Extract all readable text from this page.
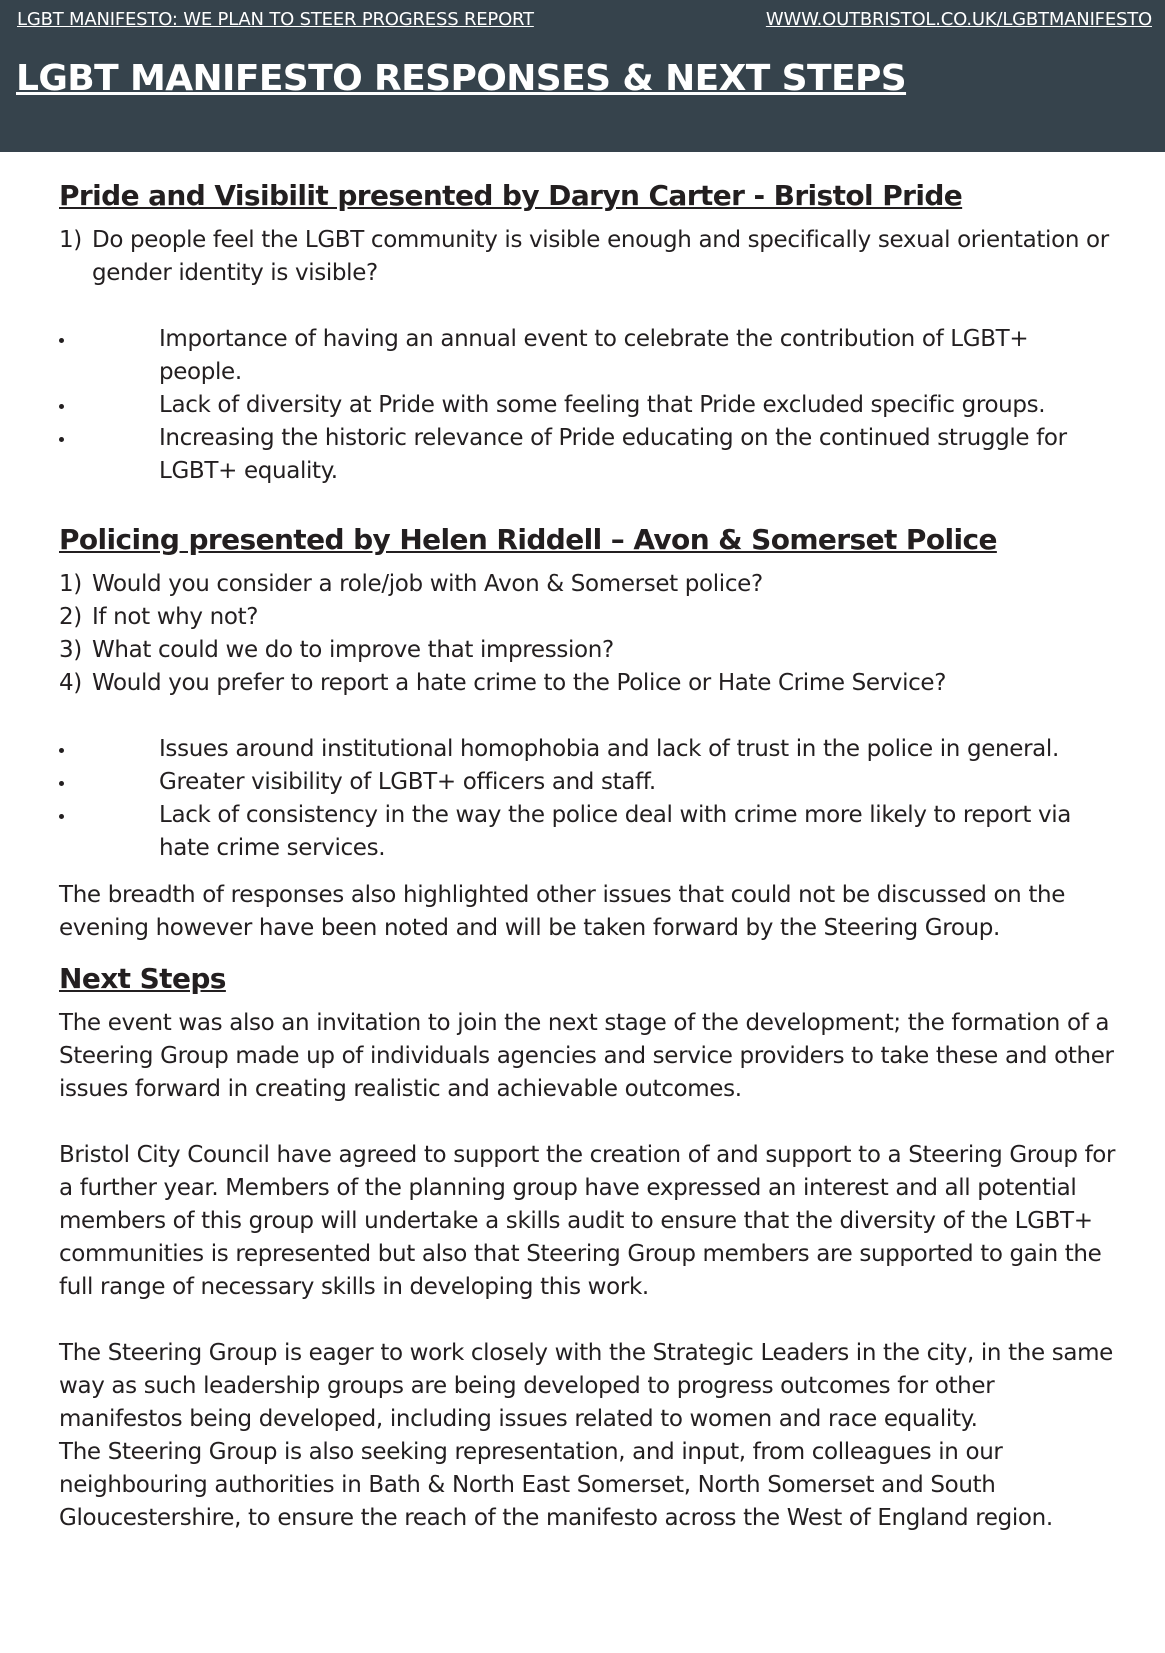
LGBT MANIFESTO: WE PLAN TO STEER PROGRESS REPORT	WWW.OUTBRISTOL.CO.UK/LGBTMANIFESTO
LGBT MANIFESTO RESPONSES & NEXT STEPS
Pride and Visibilit presented by Daryn Carter - Bristol Pride
1) Do people feel the LGBT community is visible enough and specifically sexual orientation or gender identity is visible?
Importance of having an annual event to celebrate the contribution of LGBT+ people.
Lack of diversity at Pride with some feeling that Pride excluded specific groups.
Increasing the historic relevance of Pride educating on the continued struggle for LGBT+ equality.
Policing presented by Helen Riddell – Avon & Somerset Police
1) Would you consider a role/job with Avon & Somerset police?
2) If not why not?
3) What could we do to improve that impression?
4) Would you prefer to report a hate crime to the Police or Hate Crime Service?
Issues around institutional homophobia and lack of trust in the police in general.
Greater visibility of LGBT+ officers and staff.
Lack of consistency in the way the police deal with crime more likely to report via hate crime services.

The breadth of responses also highlighted other issues that could not be discussed on the evening however have been noted and will be taken forward by the Steering Group.

Next Steps

The event was also an invitation to join the next stage of the development; the formation of a Steering Group made up of individuals agencies and service providers to take these and other issues forward in creating realistic and achievable outcomes.

Bristol City Council have agreed to support the creation of and support to a Steering Group for a further year. Members of the planning group have expressed an interest and all potential members of this group will undertake a skills audit to ensure that the diversity of the LGBT+ communities is represented but also that Steering Group members are supported to gain the full range of necessary skills in developing this work.

The Steering Group is eager to work closely with the Strategic Leaders in the city, in the same way as such leadership groups are being developed to progress outcomes for other manifestos being developed, including issues related to women and race equality.

The Steering Group is also seeking representation, and input, from colleagues in our neighbouring authorities in Bath & North East Somerset, North Somerset and South Gloucestershire, to ensure the reach of the manifesto across the West of England region.
